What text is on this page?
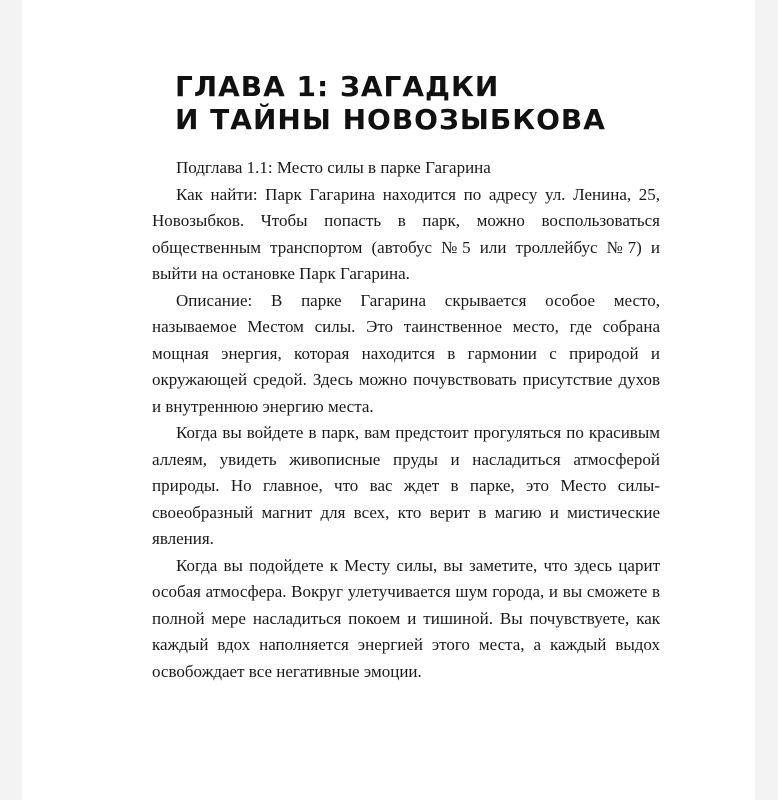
ГЛАВА 1: ЗАГАДКИ
И ТАЙНЫ НОВОЗЫБКОВА

Подглава 1.1: Место силы в парке Гагарина

Как найти: Парк Гагарина находится по адресу ул. Ленина, 25, Новозыбков. Чтобы попасть в парк, можно воспользоваться общественным транспортом (автобус №5 или троллейбус №7) и выйти на остановке Парк Гагарина.

Описание: В парке Гагарина скрывается особое место, называемое Местом силы. Это таинственное место, где собрана мощная энергия, которая находится в гармонии с природой и окружающей средой. Здесь можно почувствовать присутствие духов и внутреннюю энергию места.

Когда вы войдете в парк, вам предстоит прогуляться по красивым аллеям, увидеть живописные пруды и насладиться атмосферой природы. Но главное, что вас ждет в парке, это Место силы- своеобразный магнит для всех, кто верит в магию и мистические явления.

Когда вы подойдете к Месту силы, вы заметите, что здесь царит особая атмосфера. Вокруг улетучивается шум города, и вы сможете в полной мере насладиться покоем и тишиной. Вы почувствуете, как каждый вдох наполняется энергией этого места, а каждый выдох освобождает все негативные эмоции.
